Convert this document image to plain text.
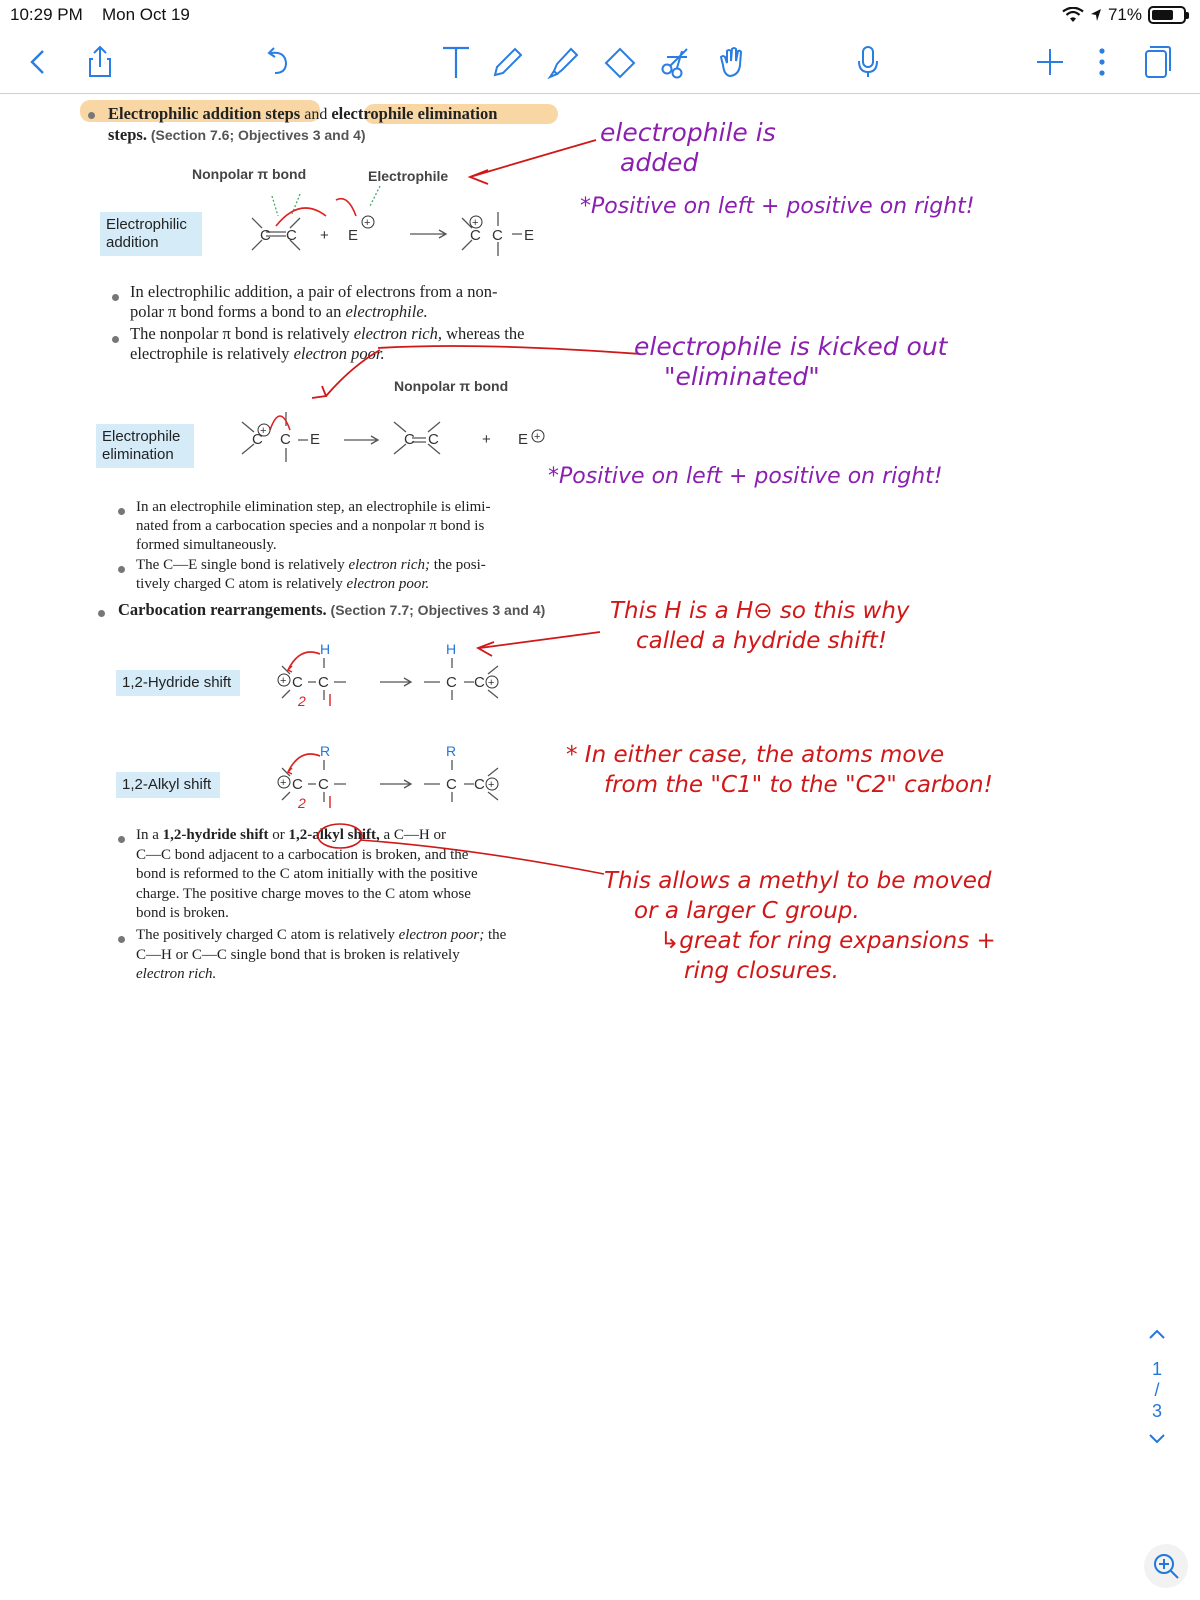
10:29 PM Mon Oct 19	71%
Electrophilic addition steps and electrophile elimination
steps. (Section 7.6; Objectives 3 and 4)
Nonpolar π bond	Electrophile
Electrophilic
addition	C C + E
+
C
+
C E
In electrophilic addition, a pair of electrons from a non-
polar π bond forms a bond to an electrophile.
The nonpolar π bond is relatively electron rich, whereas the
electrophile is relatively electron poor.
Nonpolar π bond
Electrophile
elimination
C
+ C E	C C	+ E +
In an electrophile elimination step, an electrophile is elimi-
nated from a carbocation species and a nonpolar π bond is
formed simultaneously.
The C—E single bond is relatively electron rich; the posi-
tively charged C atom is relatively electron poor.
Carbocation rearrangements. (Section 7.7; Objectives 3 and 4)
1,2-Hydride shift
H
+ C C
2
H
C C +
1,2-Alkyl shift
R
+ C C
2
R
C C +
In a 1,2-hydride shift or 1,2-alkyl shift, a C—H or
C—C bond adjacent to a carbocation is broken, and the
bond is reformed to the C atom initially with the positive
charge. The positive charge moves to the C atom whose
bond is broken.
The positively charged C atom is relatively electron poor; the
C—H or C—C single bond that is broken is relatively
electron rich.
electrophile is
added
*Positive on left + positive on right!
electrophile is kicked out
"eliminated"
*Positive on left + positive on right!
This H is a H⊖ so this why
called a hydride shift!
* In either case, the atoms move
from the "C1" to the "C2" carbon!
This allows a methyl to be moved
or a larger C group.
↳great for ring expansions +
ring closures.
1
/
3
